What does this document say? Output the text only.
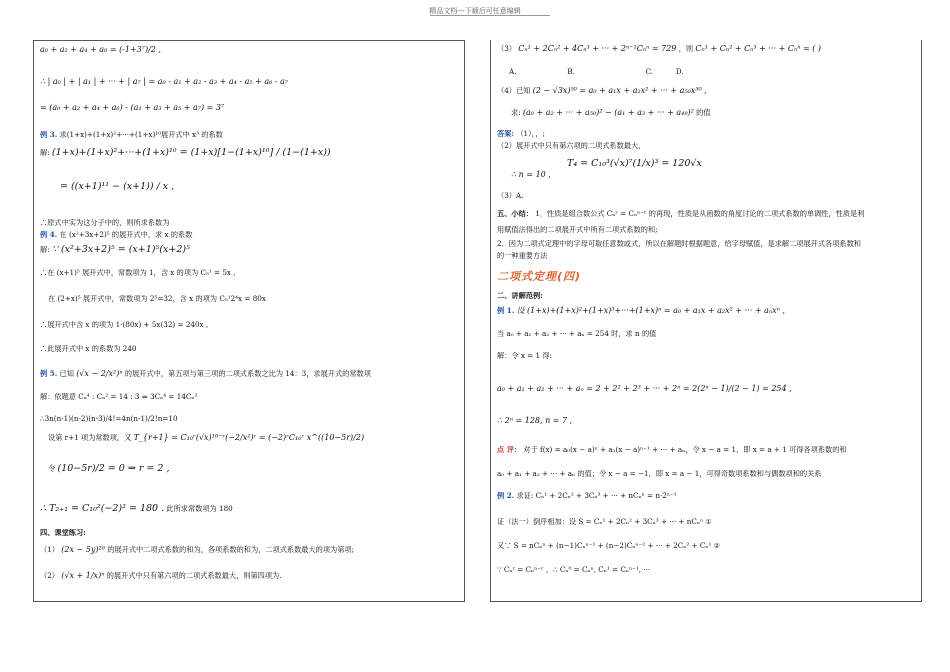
精品文档---下载后可任意编辑
a₀ + a₂ + a₄ + a₆ = (-1+3⁷)/2 ,
∴ | a₀ | + | a₁ | + ··· + | a₇ | = a₀ - a₁ + a₂ - a₃ + a₄ - a₅ + a₆ - a₇
= (a₀ + a₂ + a₄ + a₆) - (a₁ + a₃ + a₅ + a₇) = 3⁷
例 3. 求(1+x)+(1+x)²+···+(1+x)¹⁰展开式中 x³ 的系数
解: (1+x)+(1+x)²+···+(1+x)¹⁰ = (1+x)[1−(1+x)¹⁰] / (1−(1+x))
= ((x+1)¹¹ − (x+1)) / x ,
∴原式中实为这分子中的，则所求系数为
例 4. 在 (x²+3x+2)⁵ 的展开式中，求 x 的系数
解: ∵ (x²+3x+2)⁵ = (x+1)⁵(x+2)⁵
∴在 (x+1)⁵ 展开式中，常数项为 1，含 x 的项为 C₅¹ = 5x ,
在 (2+x)⁵ 展开式中，常数项为 2⁵=32，含 x 的项为 C₅¹2⁴x = 80x
∴展开式中含 x 的项为 1·(80x) + 5x(32) = 240x ,
∴此展开式中 x 的系数为 240
例 5. 已知 (√x − 2/x²)ⁿ 的展开式中，第五项与第三项的二项式系数之比为 14：3，求展开式的常数项
解：依题意 Cₙ⁴ : Cₙ² = 14 : 3 ⇒ 3Cₙ⁴ = 14Cₙ²
∴3n(n-1)(n-2)(n-3)/4!=4n(n-1)/2!n=10
设第 r+1 项为常数项，又 T_{r+1} = C₁₀ʳ(√x)¹⁰⁻ʳ(−2/x²)ʳ = (−2)ʳC₁₀ʳ x^((10−5r)/2)
令 (10−5r)/2 = 0 ⇒ r = 2 ,
∴ T₂₊₁ = C₁₀²(−2)² = 180 . 此所求常数项为 180
四、课堂练习:
（1） (2x − 5y)²⁰ 的展开式中二项式系数的和为，各项系数的和为，二项式系数最大的项为第项;
（2） (√x + 1/x)ⁿ 的展开式中只有第六项的二项式系数最大，则第四项为.
（3） Cₙ¹ + 2Cₙ² + 4Cₙ³ + ··· + 2ⁿ⁻¹Cₙⁿ = 729 ，则 Cₙ¹ + Cₙ² + Cₙ³ + ··· + Cₙⁿ = ( )
A.	B.	C.	D.
（4）已知 (2 − √3x)⁵⁰ = a₀ + a₁x + a₂x² + ··· + a₅₀x⁵⁰ ,
求: (a₀ + a₂ + ··· + a₅₀)² − (a₁ + a₃ + ··· + a₄₉)² 的值
答案: （1），，;
（2）展开式中只有第六项的二项式系数最大，
T₄ = C₁₀³(√x)⁷(1/x)³ = 120√x
∴ n = 10 ,
（3）A.
五、小结： 1．性质是组合数公式 Cₙʳ = Cₙⁿ⁻ʳ 的再现，性质是从函数的角度讨论的二项式系数的单调性，性质是利
用赋值法得出的二项展开式中所有二项式系数的和;
2．因为二项式定理中的字母可取任意数或式，所以在解题时根据题意，给字母赋值，是求解二项展开式各项系数和
的一种重要方法
二项式定理(四)
二、讲解范例:
例 1. 设 (1+x)+(1+x)²+(1+x)³+···+(1+x)ⁿ = a₀ + a₁x + a₂x² + ··· + aₙxⁿ ,
当 a₀ + a₁ + a₂ + ··· + aₙ = 254 时，求 n 的值
解：令 x = 1 得:
a₀ + a₁ + a₂ + ··· + aₙ = 2 + 2² + 2³ + ··· + 2ⁿ = 2(2ⁿ − 1)/(2 − 1) = 254 ,
∴ 2ⁿ = 128, n = 7 ,
点 评： 对于 f(x) = a₀(x − a)ⁿ + a₁(x − a)ⁿ⁻¹ + ··· + aₙ，令 x − a = 1，即 x = a + 1 可得各项系数的和
a₀ + a₁ + a₂ + ··· + aₙ 的值；令 x − a = −1，即 x = a − 1，可得奇数项系数和与偶数项和的关系
例 2. 求证: Cₙ¹ + 2Cₙ² + 3Cₙ³ + ··· + nCₙⁿ = n·2ⁿ⁻¹
证（法一）倒序相加：设 S = Cₙ¹ + 2Cₙ² + 3Cₙ³ + ··· + nCₙⁿ ①
又∵ S = nCₙⁿ + (n−1)Cₙⁿ⁻¹ + (n−2)Cₙⁿ⁻² + ··· + 2Cₙ² + Cₙ¹ ②
∵ Cₙʳ = Cₙⁿ⁻ʳ ，∴ Cₙ⁰ = Cₙⁿ, Cₙ¹ = Cₙⁿ⁻¹, ···
